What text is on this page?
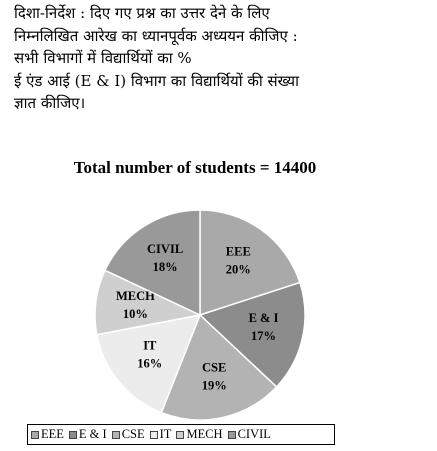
दिशा-निर्देश : दिए गए प्रश्न का उत्तर देने के लिए
निम्नलिखित आरेख का ध्यानपूर्वक अध्ययन कीजिए :
सभी विभागों में विद्यार्थियों का %
ई एंड आई (E & I) विभाग का विद्यार्थियों की संख्या
ज्ञात कीजिए।
Total number of students = 14400
EEE
20%
E & I
17%
CSE
19%
IT
16%
MECH
10%
CIVIL
18%
EEE E & I CSE IT MECH CIVIL
